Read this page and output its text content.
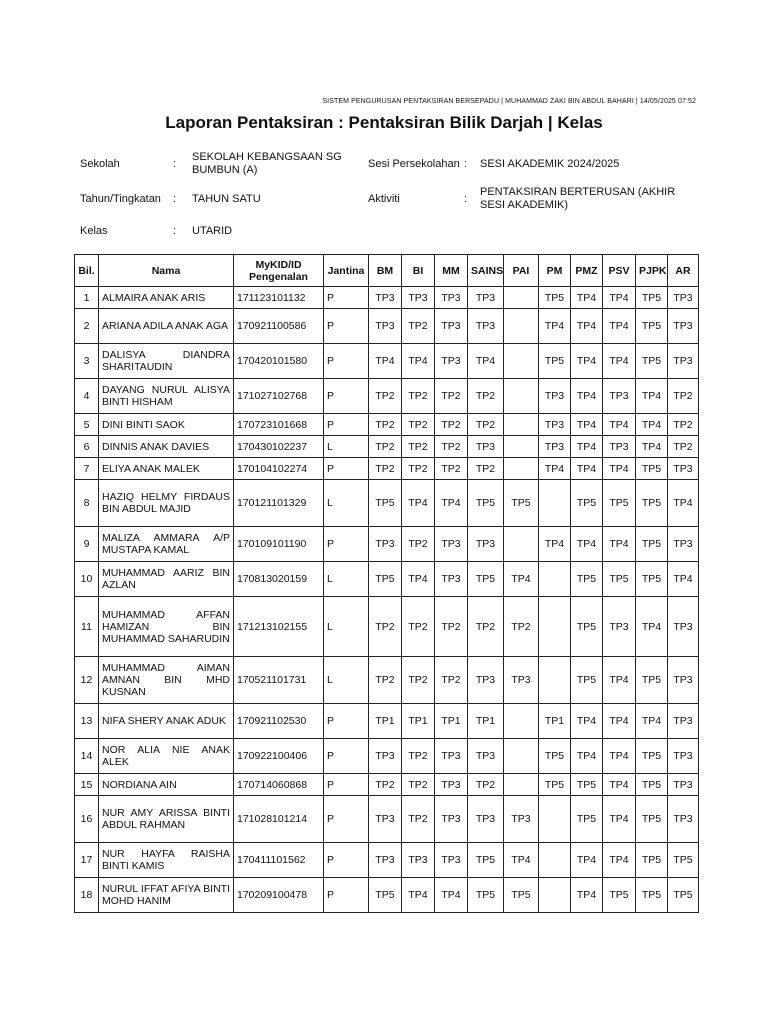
SISTEM PENGURUSAN PENTAKSIRAN BERSEPADU | MUHAMMAD ZAKI BIN ABDUL BAHARI | 14/05/2025 07:52
Laporan Pentaksiran : Pentaksiran Bilik Darjah | Kelas
Sekolah	:	SEKOLAH KEBANGSAAN SG BUMBUN (A)	Sesi Persekolahan	:	SESI AKADEMIK 2024/2025
Tahun/Tingkatan	:	TAHUN SATU	Aktiviti	:	PENTAKSIRAN BERTERUSAN (AKHIR SESI AKADEMIK)
Kelas	:	UTARID			
Bil.	Nama	MyKID/ID Pengenalan	Jantina	BM	BI	MM	SAINS	PAI	PM	PMZ	PSV	PJPK	AR
1	ALMAIRA ANAK ARIS	171123101132	P	TP3	TP3	TP3	TP3		TP5	TP4	TP4	TP5	TP3
2	ARIANA ADILA ANAK AGA	170921100586	P	TP3	TP2	TP3	TP3		TP4	TP4	TP4	TP5	TP3
3	DALISYA DIANDRA SHARITAUDIN	170420101580	P	TP4	TP4	TP3	TP4		TP5	TP4	TP4	TP5	TP3
4	DAYANG NURUL ALISYA BINTI HISHAM	171027102768	P	TP2	TP2	TP2	TP2		TP3	TP4	TP3	TP4	TP2
5	DINI BINTI SAOK	170723101668	P	TP2	TP2	TP2	TP2		TP3	TP4	TP4	TP4	TP2
6	DINNIS ANAK DAVIES	170430102237	L	TP2	TP2	TP2	TP3		TP3	TP4	TP3	TP4	TP2
7	ELIYA ANAK MALEK	170104102274	P	TP2	TP2	TP2	TP2		TP4	TP4	TP4	TP5	TP3
8	HAZIQ HELMY FIRDAUS BIN ABDUL MAJID	170121101329	L	TP5	TP4	TP4	TP5	TP5		TP5	TP5	TP5	TP4
9	MALIZA AMMARA A/P MUSTAPA KAMAL	170109101190	P	TP3	TP2	TP3	TP3		TP4	TP4	TP4	TP5	TP3
10	MUHAMMAD AARIZ BIN AZLAN	170813020159	L	TP5	TP4	TP3	TP5	TP4		TP5	TP5	TP5	TP4
11	MUHAMMAD AFFAN HAMIZAN BIN MUHAMMAD SAHARUDIN	171213102155	L	TP2	TP2	TP2	TP2	TP2		TP5	TP3	TP4	TP3
12	MUHAMMAD AIMAN AMNAN BIN MHD KUSNAN	170521101731	L	TP2	TP2	TP2	TP3	TP3		TP5	TP4	TP5	TP3
13	NIFA SHERY ANAK ADUK	170921102530	P	TP1	TP1	TP1	TP1		TP1	TP4	TP4	TP4	TP3
14	NOR ALIA NIE ANAK ALEK	170922100406	P	TP3	TP2	TP3	TP3		TP5	TP4	TP4	TP5	TP3
15	NORDIANA AIN	170714060868	P	TP2	TP2	TP3	TP2		TP5	TP5	TP4	TP5	TP3
16	NUR AMY ARISSA BINTI ABDUL RAHMAN	171028101214	P	TP3	TP2	TP3	TP3	TP3		TP5	TP4	TP5	TP3
17	NUR HAYFA RAISHA BINTI KAMIS	170411101562	P	TP3	TP3	TP3	TP5	TP4		TP4	TP4	TP5	TP5
18	NURUL IFFAT AFIYA BINTI MOHD HANIM	170209100478	P	TP5	TP4	TP4	TP5	TP5		TP4	TP5	TP5	TP5
